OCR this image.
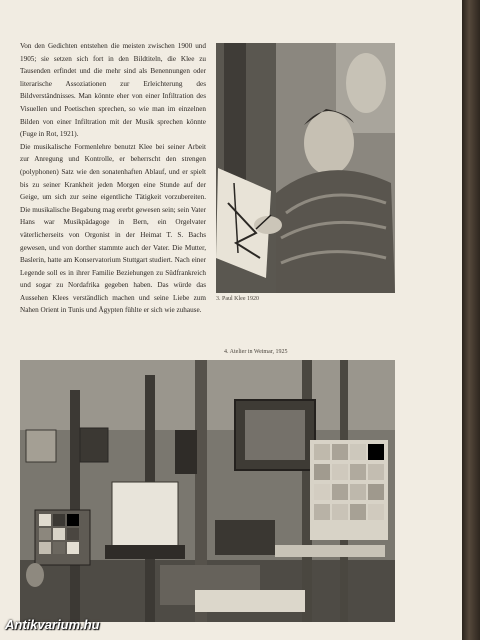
Von den Gedichten entstehen die meisten zwischen 1900 und 1905; sie setzen sich fort in den Bildtiteln, die Klee zu Tausenden erfindet und die mehr sind als Benennungen oder literarische Assoziationen zur Erleichterung des Bildverständnisses. Man könnte eher von einer Infiltration des Visuellen und Poetischen sprechen, so wie man im einzelnen Bilden von einer Infiltration mit der Musik sprechen könnte (Fuge in Rot, 1921).

Die musikalische Formenlehre benutzt Klee bei seiner Arbeit zur Anregung und Kontrolle, er beherrscht den strengen (polyphonen) Satz wie den sonatenhaften Ablauf, und er spielt bis zu seiner Krankheit jeden Morgen eine Stunde auf der Geige, um sich zur seine eigentliche Tätigkeit vorzubereiten. Die musikalische Begabung mag ererbt gewesen sein; sein Vater Hans war Musikpädagoge in Bern, ein Orgelvater väterlicherseits von Orgonist in der Heimat T. S. Bachs gewesen, und von dorther stammte auch der Vater. Die Mutter, Baslerin, hatte am Konservatorium Stuttgart studiert. Nach einer Legende soll es in ihrer Familie Beziehungen zu Südfrankreich und sogar zu Nordafrika gegeben haben. Das würde das Aussehen Klees verständlich machen und seine Liebe zum Nahen Orient in Tunis und Ägypten fühlte er sich wie zuhause.

3. Paul Klee 1920
4. Atelier in Weimar, 1925
Antikvarium.hu
